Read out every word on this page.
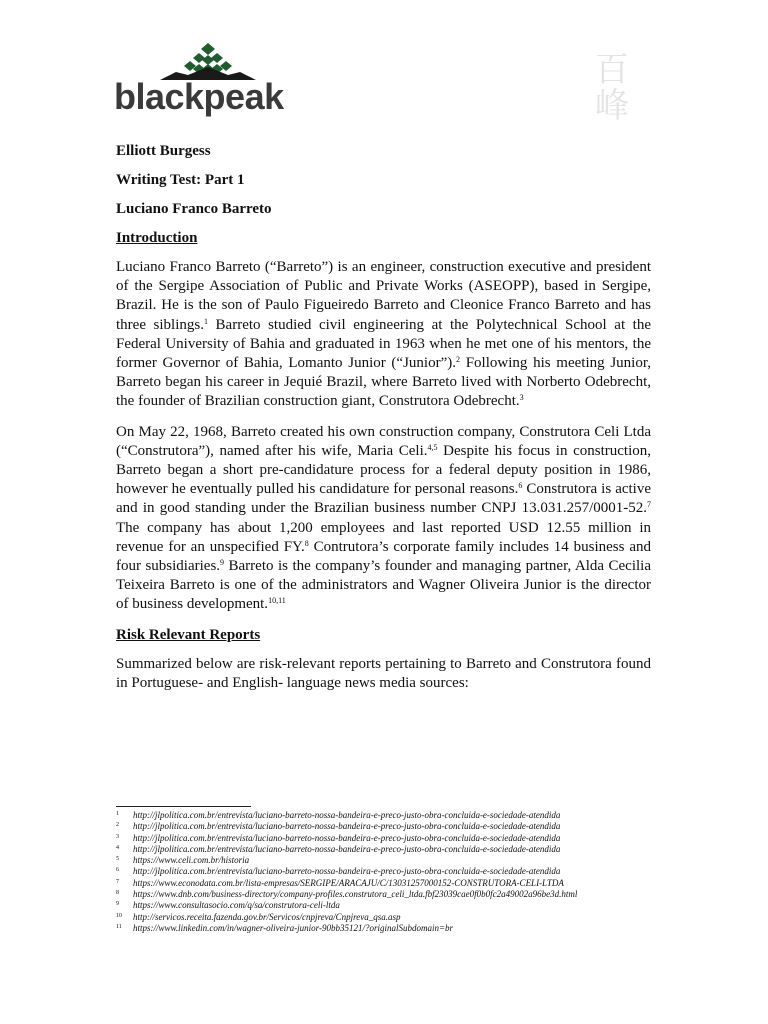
blackpeak
百峰
Elliott Burgess
Writing Test: Part 1
Luciano Franco Barreto
Introduction

Luciano Franco Barreto (“Barreto”) is an engineer, construction executive and president of the Sergipe Association of Public and Private Works (ASEOPP), based in Sergipe, Brazil. He is the son of Paulo Figueiredo Barreto and Cleonice Franco Barreto and has three siblings.$^1$ Barreto studied civil engineering at the Polytechnical School at the Federal University of Bahia and graduated in 1963 when he met one of his mentors, the former Governor of Bahia, Lomanto Junior (“Junior”).$^2$ Following his meeting Junior, Barreto began his career in Jequié Brazil, where Barreto lived with Norberto Odebrecht, the founder of Brazilian construction giant, Construtora Odebrecht.$^3$

On May 22, 1968, Barreto created his own construction company, Construtora Celi Ltda (“Construtora”), named after his wife, Maria Celi.$^{4,5}$ Despite his focus in construction, Barreto began a short pre-candidature process for a federal deputy position in 1986, however he eventually pulled his candidature for personal reasons.$^6$ Construtora is active and in good standing under the Brazilian business number CNPJ 13.031.257/0001-52.$^7$ The company has about 1,200 employees and last reported USD 12.55 million in revenue for an unspecified FY.$^8$ Contrutora’s corporate family includes 14 business and four subsidiaries.$^9$ Barreto is the company’s founder and managing partner, Alda Cecilia Teixeira Barreto is one of the administrators and Wagner Oliveira Junior is the director of business development.$^{10,11}$

Risk Relevant Reports

Summarized below are risk-relevant reports pertaining to Barreto and Construtora found in Portuguese- and English- language news media sources:

1	http://jlpolitica.com.br/entrevista/luciano-barreto-nossa-bandeira-e-preco-justo-obra-concluida-e-sociedade-atendida
2	http://jlpolitica.com.br/entrevista/luciano-barreto-nossa-bandeira-e-preco-justo-obra-concluida-e-sociedade-atendida
3	http://jlpolitica.com.br/entrevista/luciano-barreto-nossa-bandeira-e-preco-justo-obra-concluida-e-sociedade-atendida
4	http://jlpolitica.com.br/entrevista/luciano-barreto-nossa-bandeira-e-preco-justo-obra-concluida-e-sociedade-atendida
5	https://www.celi.com.br/historia
6	http://jlpolitica.com.br/entrevista/luciano-barreto-nossa-bandeira-e-preco-justo-obra-concluida-e-sociedade-atendida
7	https://www.econodata.com.br/lista-empresas/SERGIPE/ARACAJU/C/13031257000152-CONSTRUTORA-CELI-LTDA
8	https://www.dnb.com/business-directory/company-profiles.construtora_celi_ltda.fbf23039cae0f0b0fc2a49002a96be3d.html
9	https://www.consultasocio.com/q/sa/construtora-celi-ltda
10	http://servicos.receita.fazenda.gov.br/Servicos/cnpjreva/Cnpjreva_qsa.asp
11	https://www.linkedin.com/in/wagner-oliveira-junior-90bb35121/?originalSubdomain=br
